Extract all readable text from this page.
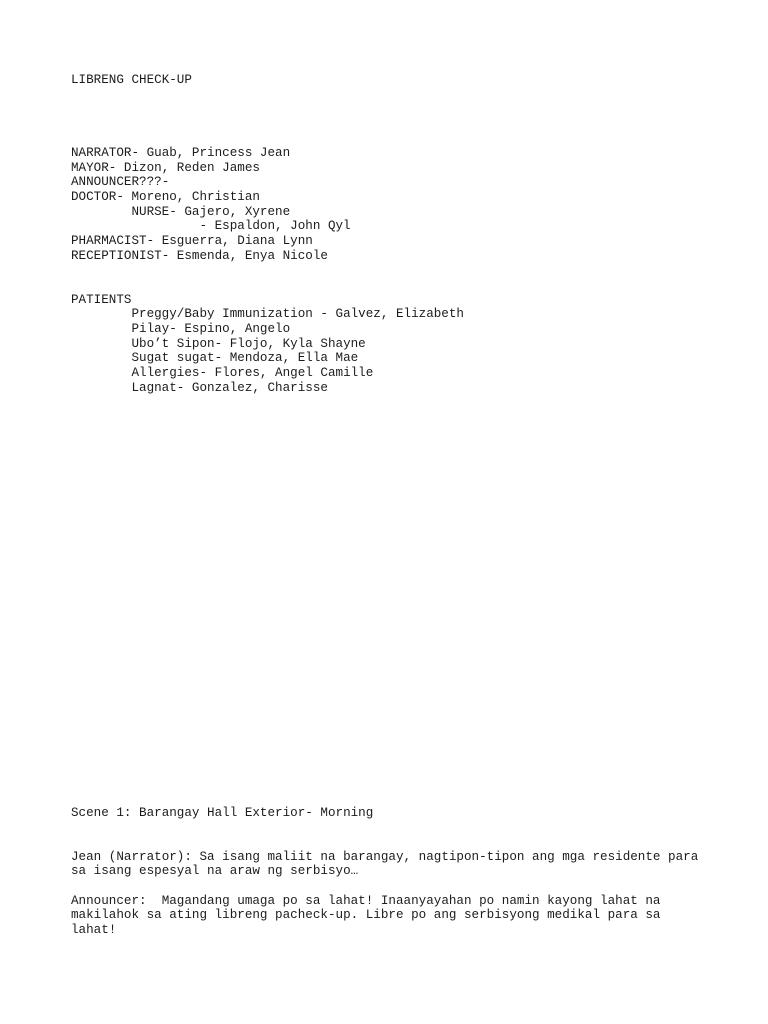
LIBRENG CHECK-UP
NARRATOR- Guab, Princess Jean
MAYOR- Dizon, Reden James
ANNOUNCER???-
DOCTOR- Moreno, Christian
NURSE- Gajero, Xyrene
- Espaldon, John Qyl
PHARMACIST- Esguerra, Diana Lynn
RECEPTIONIST- Esmenda, Enya Nicole
PATIENTS
Preggy/Baby Immunization - Galvez, Elizabeth
Pilay- Espino, Angelo
Ubo’t Sipon- Flojo, Kyla Shayne
Sugat sugat- Mendoza, Ella Mae
Allergies- Flores, Angel Camille
Lagnat- Gonzalez, Charisse
Scene 1: Barangay Hall Exterior- Morning
Jean (Narrator): Sa isang maliit na barangay, nagtipon-tipon ang mga residente para sa isang espesyal na araw ng serbisyo…
Announcer:  Magandang umaga po sa lahat! Inaanyayahan po namin kayong lahat na makilahok sa ating libreng pacheck-up. Libre po ang serbisyong medikal para sa lahat!
